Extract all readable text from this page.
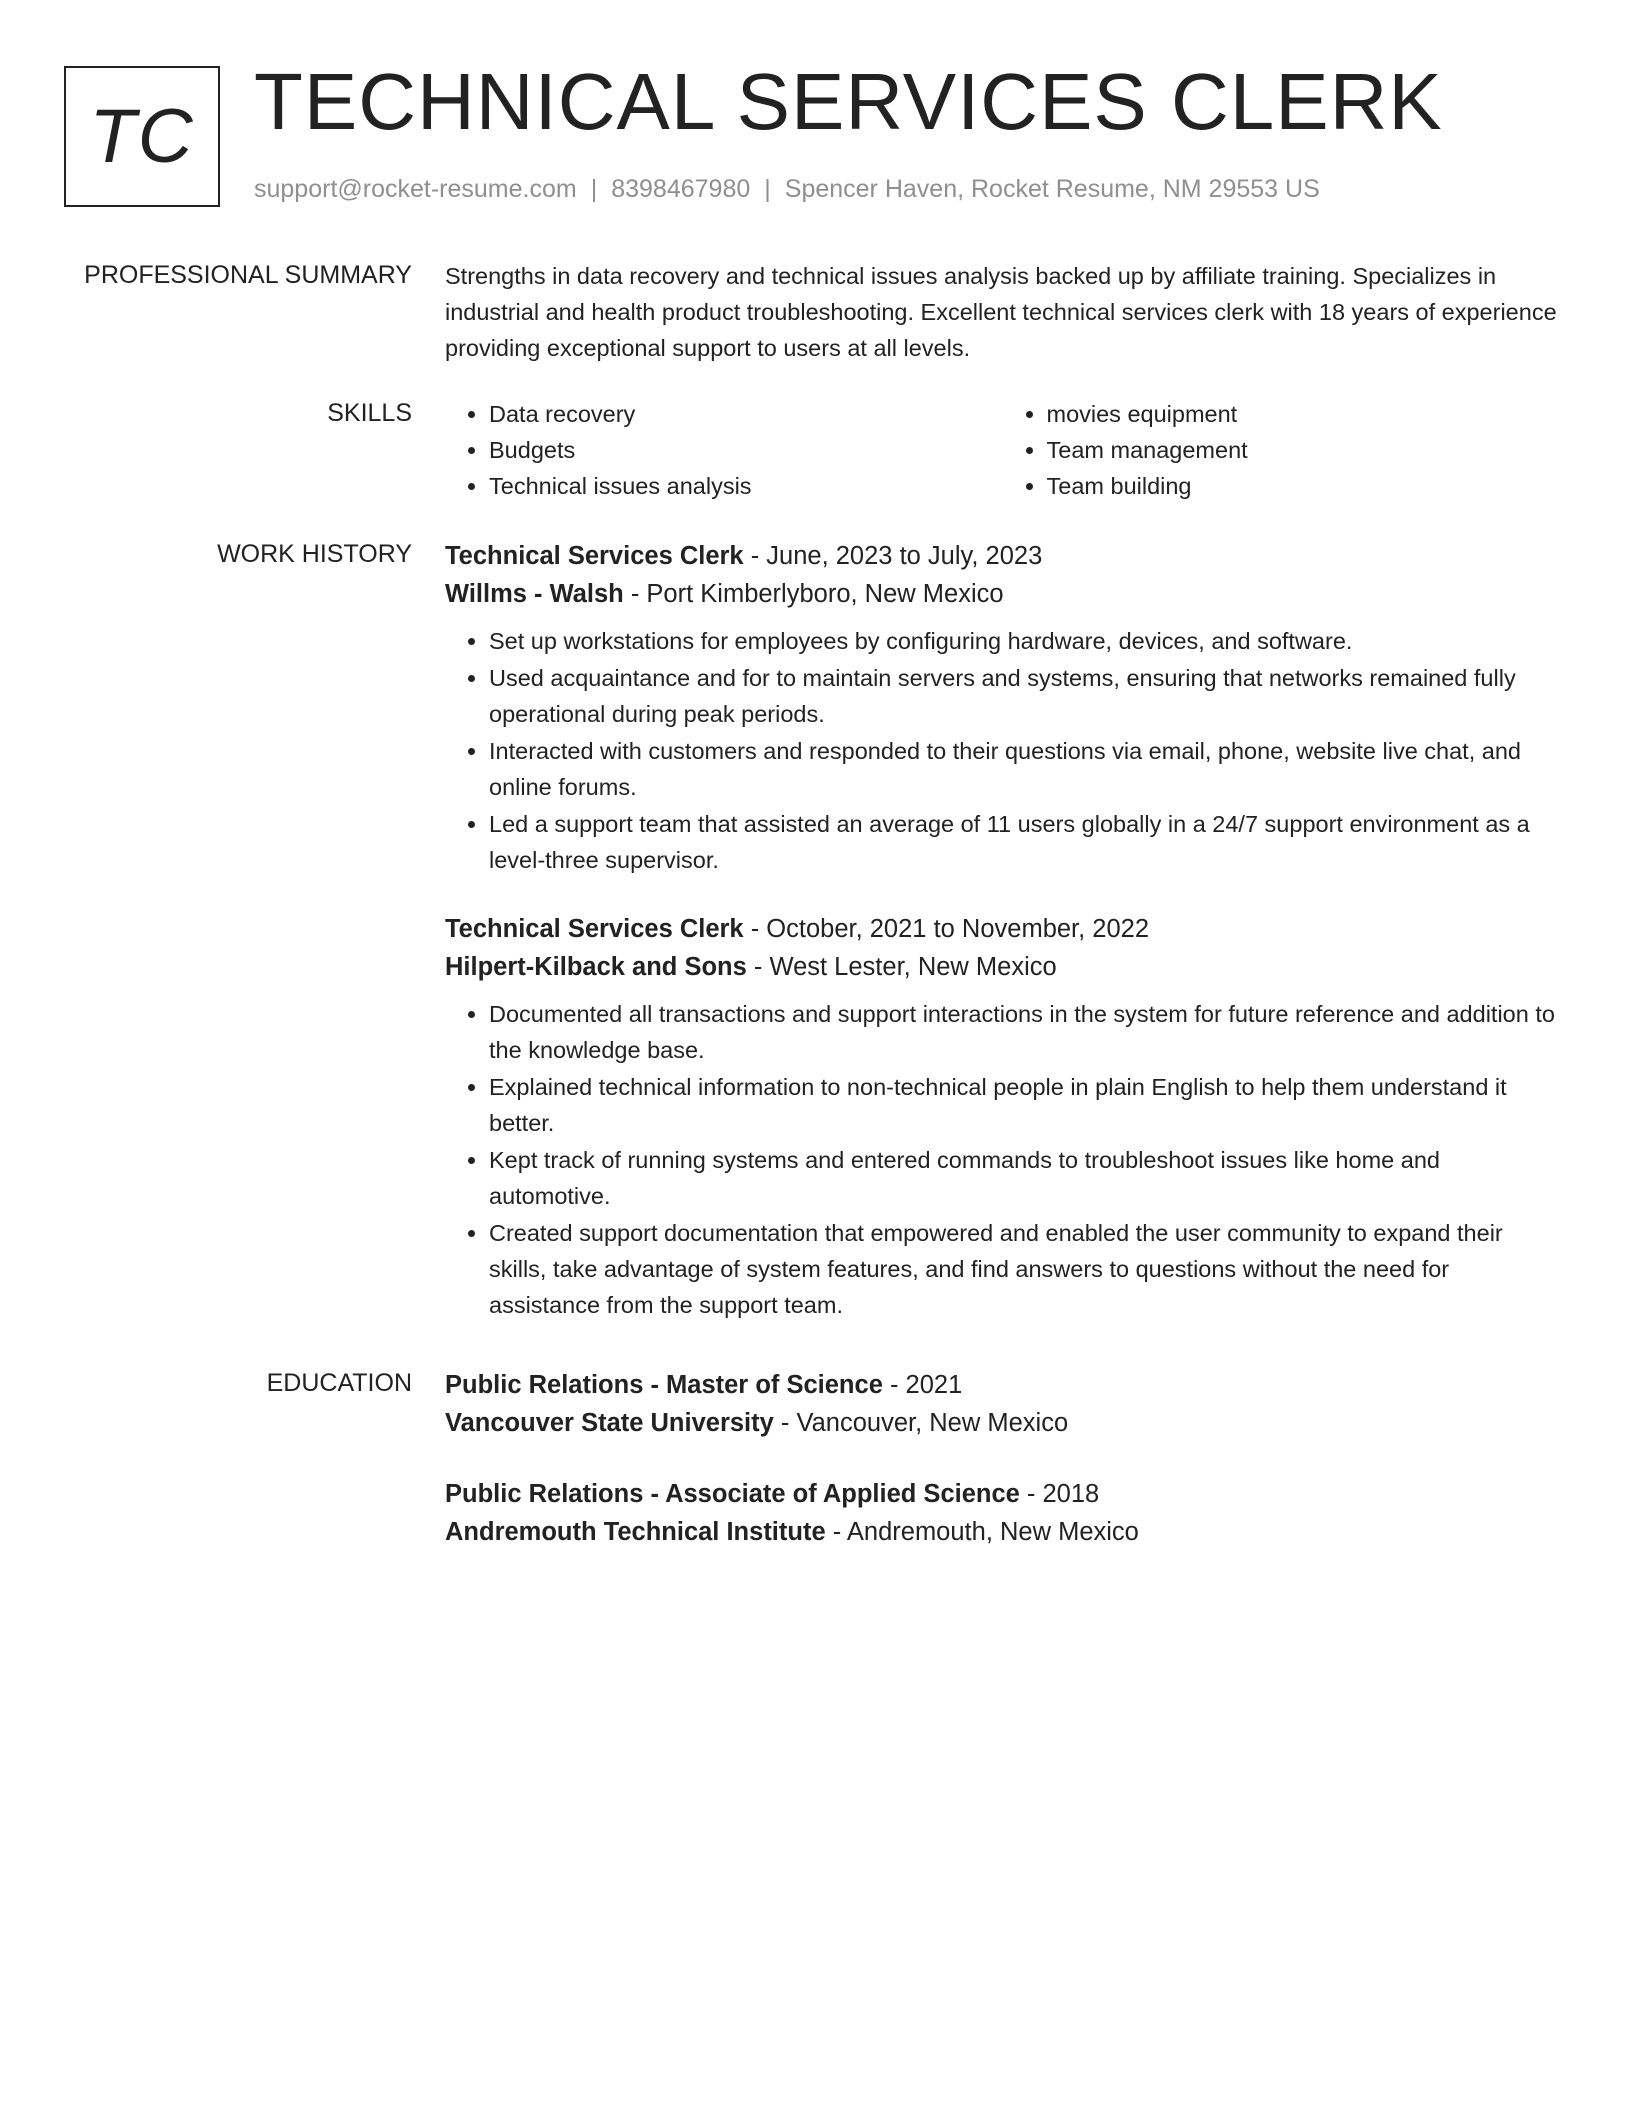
TC TECHNICAL SERVICES CLERK
support@rocket-resume.com | 8398467980 | Spencer Haven, Rocket Resume, NM 29553 US
PROFESSIONAL SUMMARY Strengths in data recovery and technical issues analysis backed up by affiliate training. Specializes in industrial and health product troubleshooting. Excellent technical services clerk with 18 years of experience providing exceptional support to users at all levels.

SKILLS
•	Data recovery
• Budgets
• Technical issues analysis
• movies equipment
• Team management
• Team building
WORK HISTORY Technical Services Clerk - June, 2023 to July, 2023
Willms - Walsh - Port Kimberlyboro, New Mexico
• Set up workstations for employees by configuring hardware, devices, and software.
• Used acquaintance and for to maintain servers and systems, ensuring that networks remained fully operational during peak periods.
• Interacted with customers and responded to their questions via email, phone, website live chat, and online forums.
• Led a support team that assisted an average of 11 users globally in a 24/7 support environment as a level-three supervisor.
Technical Services Clerk - October, 2021 to November, 2022
Hilpert-Kilback and Sons - West Lester, New Mexico
• Documented all transactions and support interactions in the system for future reference and addition to the knowledge base.
• Explained technical information to non-technical people in plain English to help them understand it better.
• Kept track of running systems and entered commands to troubleshoot issues like home and automotive.
• Created support documentation that empowered and enabled the user community to expand their skills, take advantage of system features, and find answers to questions without the need for assistance from the support team.
EDUCATION Public Relations - Master of Science - 2021
Vancouver State University - Vancouver, New Mexico
Public Relations - Associate of Applied Science - 2018
Andremouth Technical Institute - Andremouth, New Mexico
